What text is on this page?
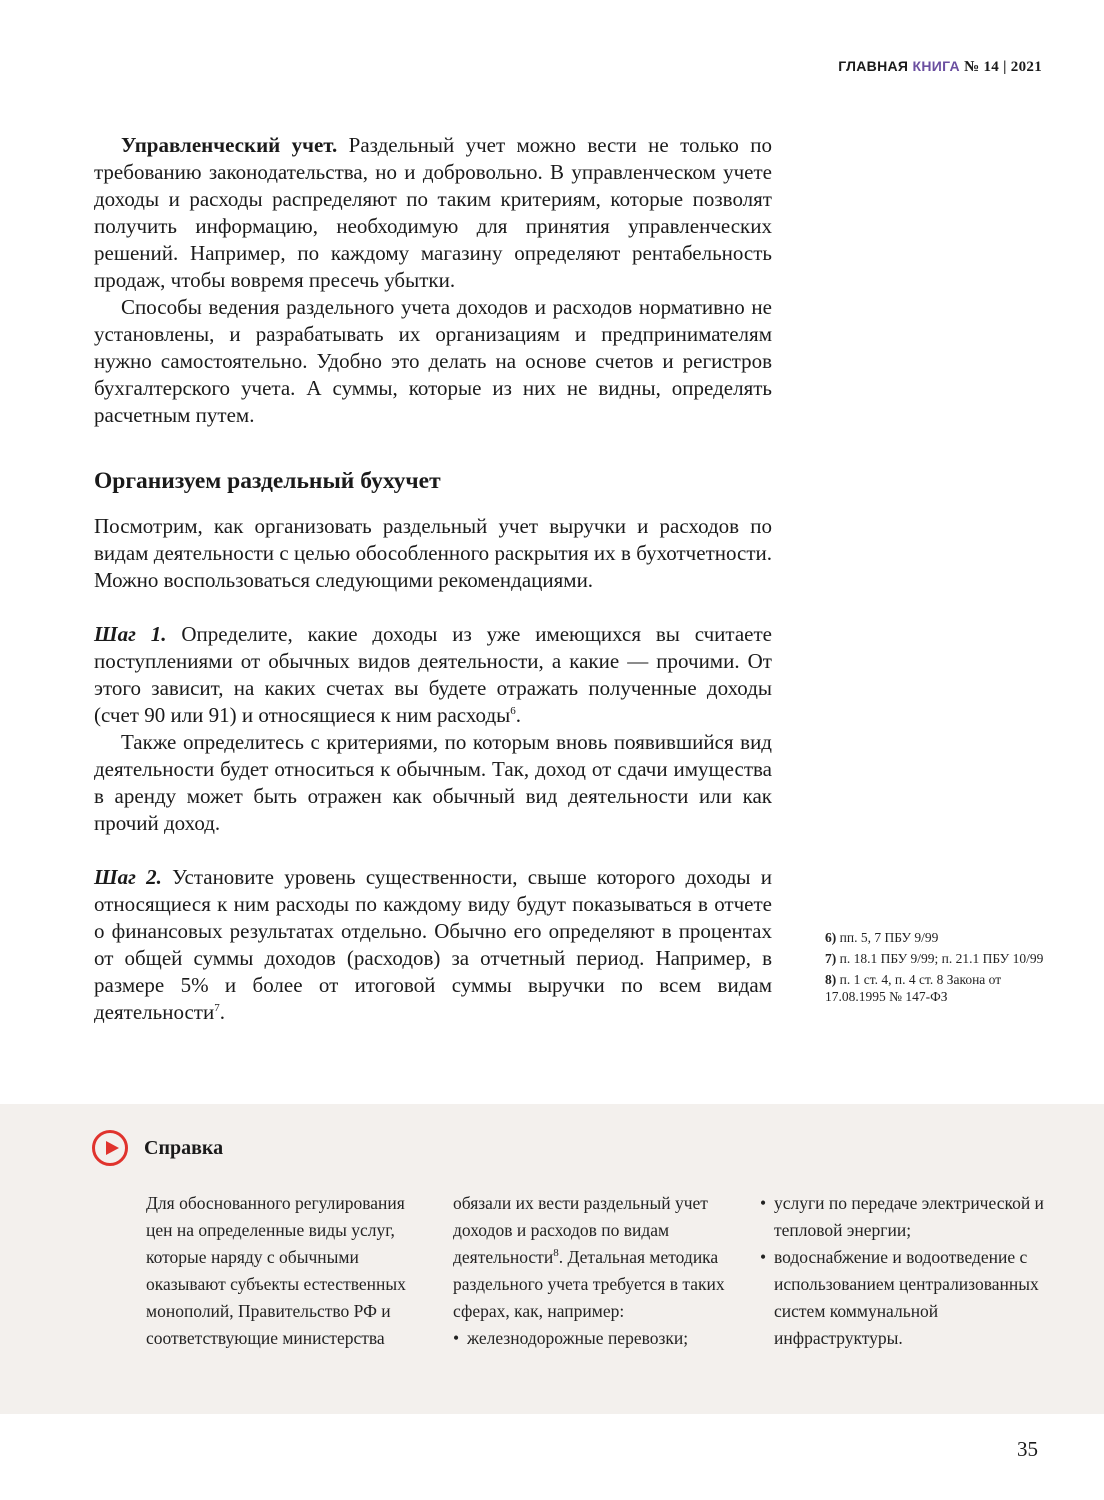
ГЛАВНАЯ КНИГА № 14 | 2021

Управленческий учет. Раздельный учет можно вести не только по требованию законодательства, но и добровольно. В управленческом учете доходы и расходы распределяют по таким критериям, которые позволят получить информацию, необходимую для принятия управленческих решений. Например, по каждому магазину определяют рентабельность продаж, чтобы вовремя пресечь убытки.

Способы ведения раздельного учета доходов и расходов нормативно не установлены, и разрабатывать их организациям и предпринимателям нужно самостоятельно. Удобно это делать на основе счетов и регистров бухгалтерского учета. А суммы, которые из них не видны, определять расчетным путем.

Организуем раздельный бухучет

Посмотрим, как организовать раздельный учет выручки и расходов по видам деятельности с целью обособленного раскрытия их в бухотчетности. Можно воспользоваться следующими рекомендациями.

Шаг 1. Определите, какие доходы из уже имеющихся вы считаете поступлениями от обычных видов деятельности, а какие — прочими. От этого зависит, на каких счетах вы будете отражать полученные доходы (счет 90 или 91) и относящиеся к ним расходы$^6$.

Также определитесь с критериями, по которым вновь появившийся вид деятельности будет относиться к обычным. Так, доход от сдачи имущества в аренду может быть отражен как обычный вид деятельности или как прочий доход.

Шаг 2. Установите уровень существенности, свыше которого доходы и относящиеся к ним расходы по каждому виду будут показываться в отчете о финансовых результатах отдельно. Обычно его определяют в процентах от общей суммы доходов (расходов) за отчетный период. Например, в размере 5% и более от итоговой суммы выручки по всем видам деятельности$^7$.

6) пп. 5, 7 ПБУ 9/99
7) п. 18.1 ПБУ 9/99; п. 21.1 ПБУ 10/99
8) п. 1 ст. 4, п. 4 ст. 8 Закона от 17.08.1995 № 147-ФЗ
Справка

Для обоснованного регулирования цен на определенные виды услуг, которые наряду с обычными оказывают субъекты естественных монополий, Правительство РФ и соответствующие министерства

обязали их вести раздельный учет доходов и расходов по видам деятельности$^8$. Детальная методика раздельного учета требуется в таких сферах, как, например:

• железнодорожные перевозки;

• услуги по передаче электрической и тепловой энергии;

• водоснабжение и водоотведение с использованием централизованных систем коммунальной инфраструктуры.

35
